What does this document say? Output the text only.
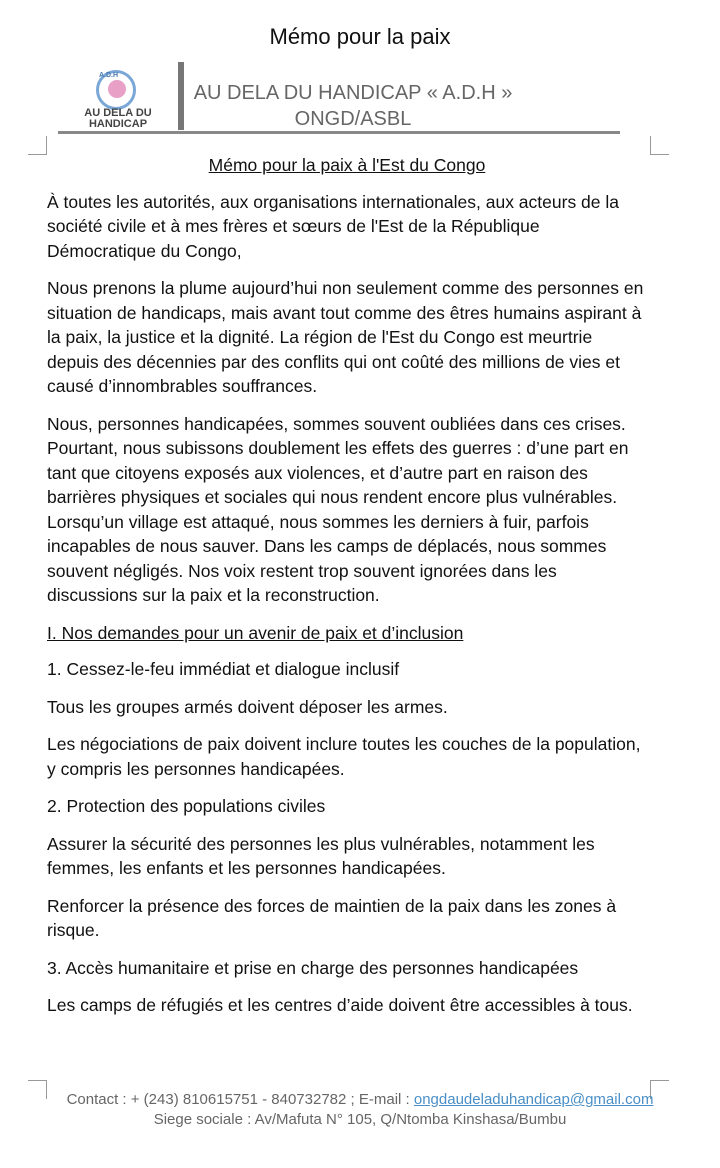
Mémo pour la paix
A.D.H
AU DELA DU
HANDICAP
AU DELA DU HANDICAP « A.D.H »
ONGD/ASBL
Mémo pour la paix à l'Est du Congo
À toutes les autorités, aux organisations internationales, aux acteurs de la société civile et à mes frères et sœurs de l'Est de la République Démocratique du Congo,
Nous prenons la plume aujourd’hui non seulement comme des personnes en situation de handicaps, mais avant tout comme des êtres humains aspirant à la paix, la justice et la dignité. La région de l'Est du Congo est meurtrie depuis des décennies par des conflits qui ont coûté des millions de vies et causé d’innombrables souffrances.
Nous, personnes handicapées, sommes souvent oubliées dans ces crises. Pourtant, nous subissons doublement les effets des guerres : d’une part en tant que citoyens exposés aux violences, et d’autre part en raison des barrières physiques et sociales qui nous rendent encore plus vulnérables. Lorsqu’un village est attaqué, nous sommes les derniers à fuir, parfois incapables de nous sauver. Dans les camps de déplacés, nous sommes souvent négligés. Nos voix restent trop souvent ignorées dans les discussions sur la paix et la reconstruction.
I. Nos demandes pour un avenir de paix et d’inclusion
1. Cessez-le-feu immédiat et dialogue inclusif
Tous les groupes armés doivent déposer les armes.
Les négociations de paix doivent inclure toutes les couches de la population, y compris les personnes handicapées.
2. Protection des populations civiles
Assurer la sécurité des personnes les plus vulnérables, notamment les femmes, les enfants et les personnes handicapées.
Renforcer la présence des forces de maintien de la paix dans les zones à risque.
3. Accès humanitaire et prise en charge des personnes handicapées
Les camps de réfugiés et les centres d’aide doivent être accessibles à tous.
Contact : + (243) 810615751 - 840732782 ; E-mail : ongdaudeladuhandicap@gmail.com
Siege sociale : Av/Mafuta N° 105, Q/Ntomba Kinshasa/Bumbu
